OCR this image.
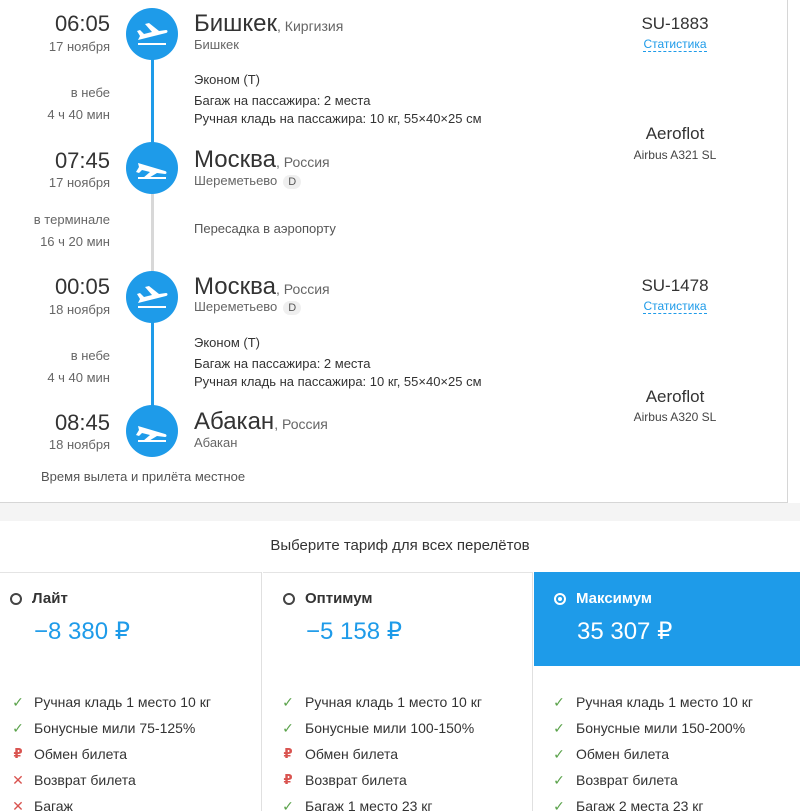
06:05
17 ноября
Бишкек, Киргизия
Бишкек
SU-1883
Статистика
в небе
4 ч 40 мин
Эконом (T)
Багаж на пассажира: 2 места
Ручная кладь на пассажира: 10 кг, 55×40×25 см
Aeroflot
Airbus A321 SL
07:45
17 ноября
Москва, Россия
Шереметьево D
в терминале
16 ч 20 мин
Пересадка в аэропорту
00:05
18 ноября
Москва, Россия
Шереметьево D
SU-1478
Статистика
в небе
4 ч 40 мин
Эконом (T)
Багаж на пассажира: 2 места
Ручная кладь на пассажира: 10 кг, 55×40×25 см
Aeroflot
Airbus A320 SL
08:45
18 ноября
Абакан, Россия
Абакан
Время вылета и прилёта местное
Выберите тариф для всех перелётов
Лайт
−8 380 ₽
✓ Ручная кладь 1 место 10 кг
✓ Бонусные мили 75-125%
₽ Обмен билета
✕ Возврат билета
✕ Багаж
Оптимум
−5 158 ₽
✓ Ручная кладь 1 место 10 кг
✓ Бонусные мили 100-150%
₽ Обмен билета
₽ Возврат билета
✓ Багаж 1 место 23 кг
Максимум
35 307 ₽
✓ Ручная кладь 1 место 10 кг
✓ Бонусные мили 150-200%
✓ Обмен билета
✓ Возврат билета
✓ Багаж 2 места 23 кг
